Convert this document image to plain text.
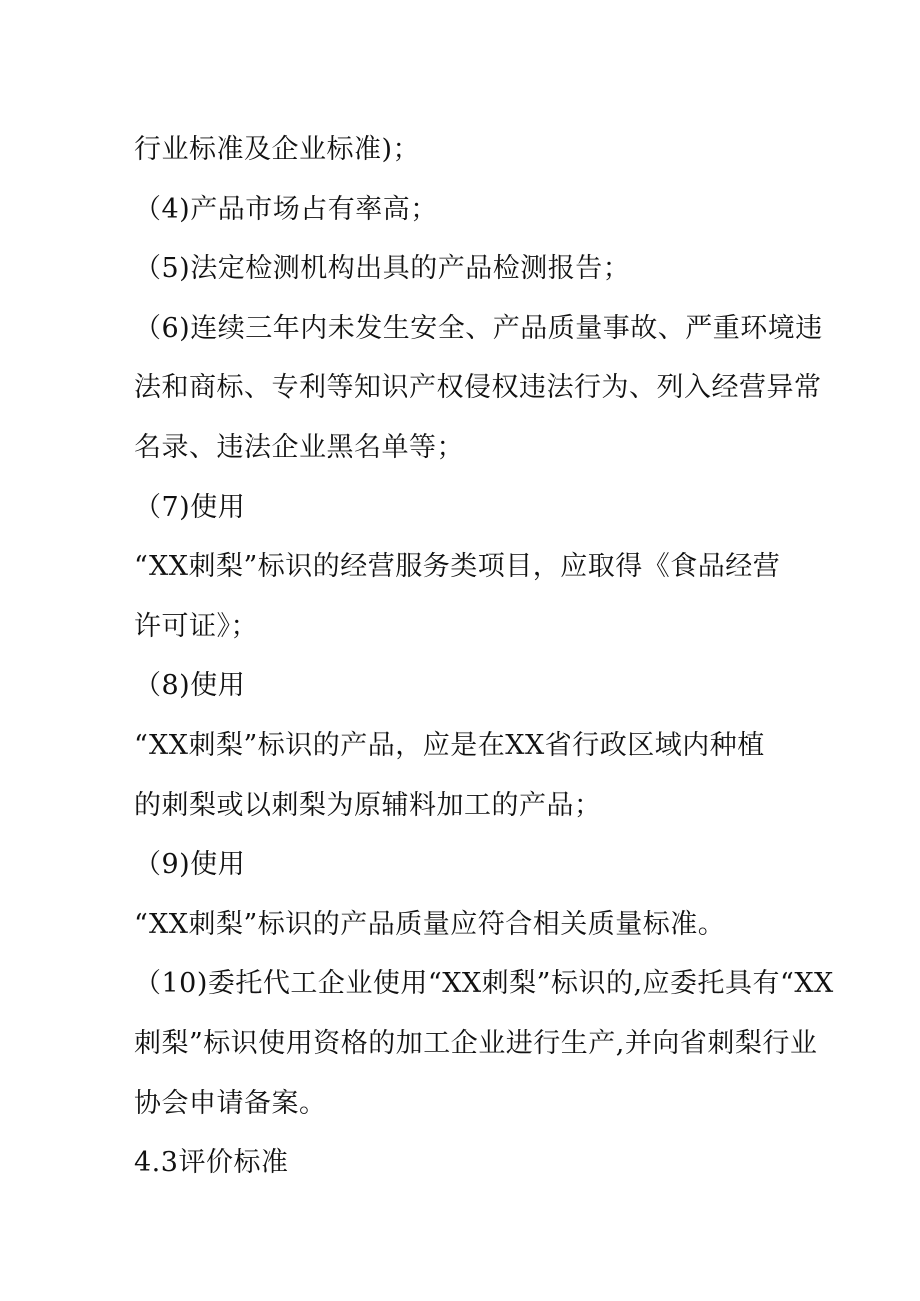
行业标准及企业标准)；
（4)产品市场占有率高；
（5)法定检测机构出具的产品检测报告；
（6)连续三年内未发生安全、产品质量事故、严重环境违
法和商标、专利等知识产权侵权违法行为、列入经营异常
名录、违法企业黑名单等；
（7)使用
“XX刺梨”标识的经营服务类项目，应取得《食品经营
许可证》；
（8)使用
“XX刺梨”标识的产品，应是在XX省行政区域内种植
的刺梨或以刺梨为原辅料加工的产品；
（9)使用
“XX刺梨”标识的产品质量应符合相关质量标准。
（10)委托代工企业使用“XX刺梨”标识的,应委托具有“XX
刺梨”标识使用资格的加工企业进行生产,并向省刺梨行业
协会申请备案。
4.3评价标准
